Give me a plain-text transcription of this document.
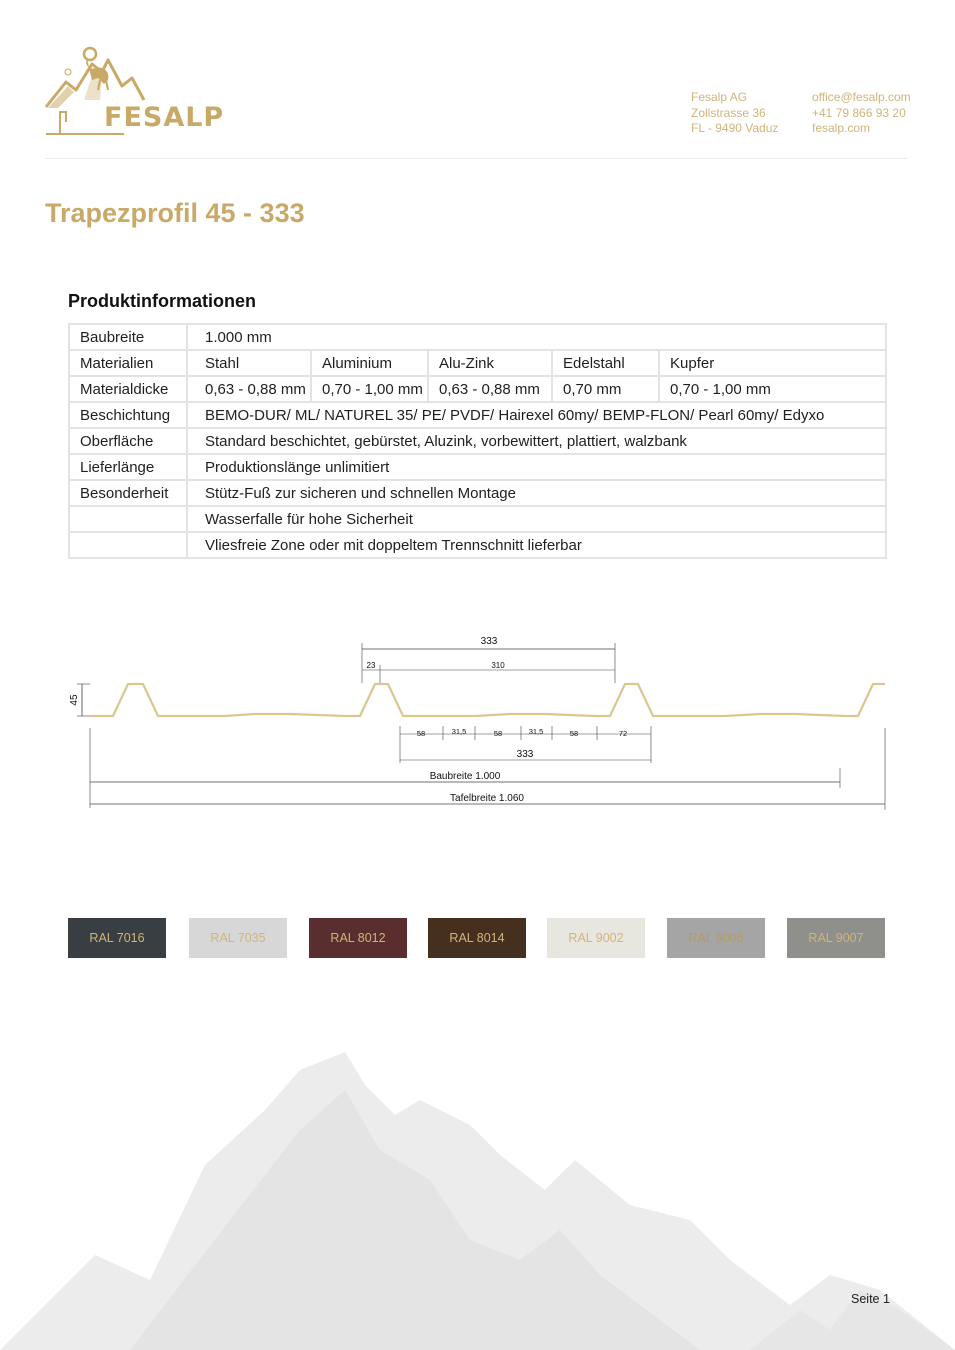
FESALP
Fesalp AG
Zollstrasse 36
FL - 9490 Vaduz
office@fesalp.com
+41 79 866 93 20
fesalp.com
Trapezprofil 45 - 333
Produktinformationen
Baubreite	1.000 mm				
Materialien	Stahl	Aluminium	Alu-Zink	Edelstahl	Kupfer
Materialdicke	0,63 - 0,88 mm	0,70 - 1,00 mm	0,63 - 0,88 mm	0,70 mm	0,70 - 1,00 mm
Beschichtung	BEMO-DUR/ ML/ NATUREL 35/ PE/ PVDF/ Hairexel 60my/ BEMP-FLON/ Pearl 60my/ Edyxo				
Oberfläche	Standard beschichtet, gebürstet, Aluzink, vorbewittert, plattiert, walzbank				
Lieferlänge	Produktionslänge unlimitiert				
Besonderheit	Stütz-Fuß zur sicheren und schnellen Montage				
	Wasserfalle für hohe Sicherheit				
	Vliesfreie Zone oder mit doppeltem Trennschnitt lieferbar				
333
23	310
45
58	31,5	58	31,5	58	72
333
Baubreite 1.000
Tafelbreite 1.060
RAL 7016	RAL 7035	RAL 8012	RAL 8014	RAL 9002	RAL 9006	RAL 9007
Seite 1
